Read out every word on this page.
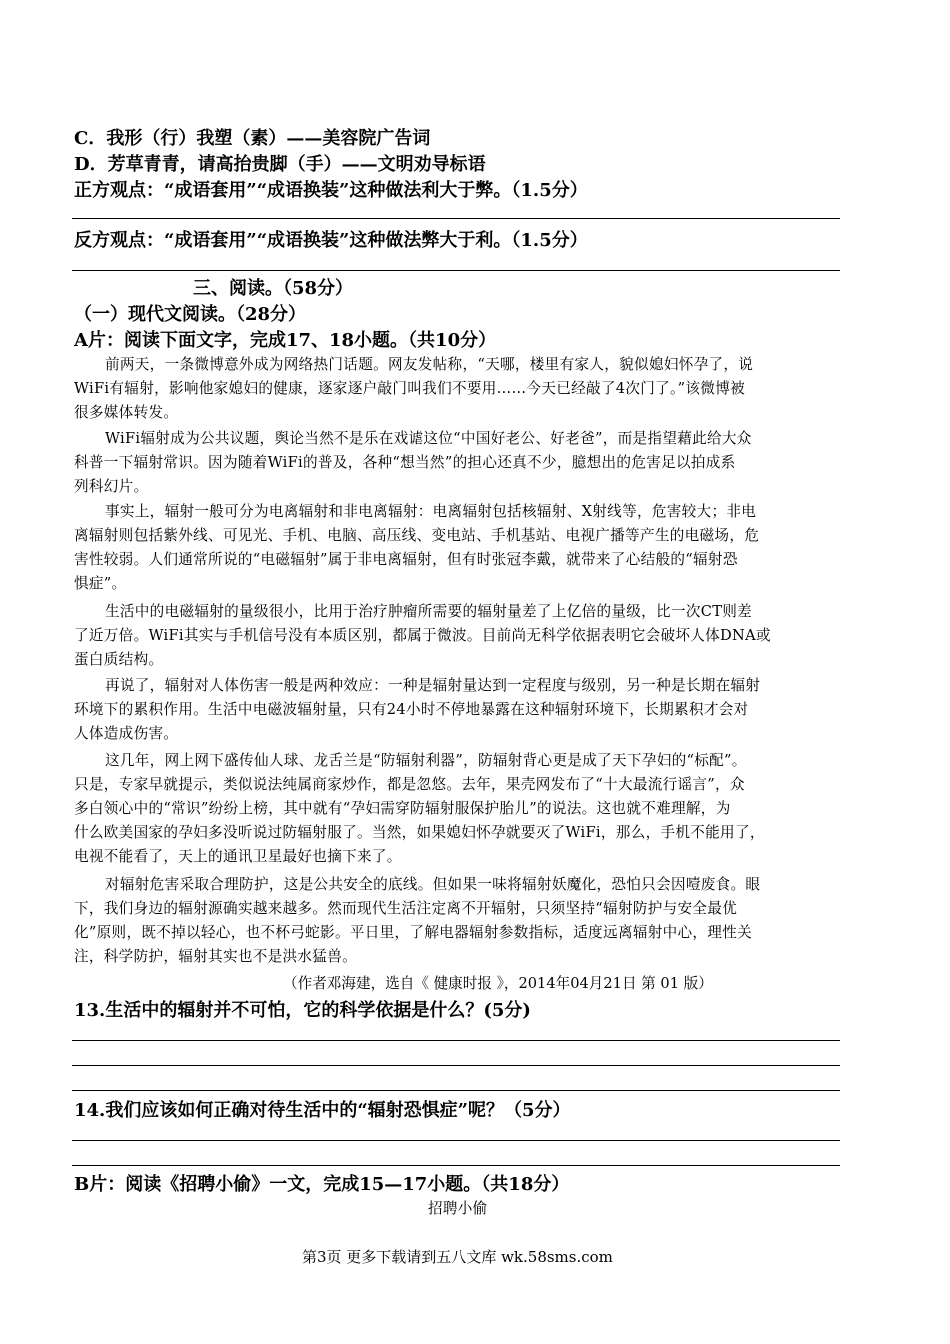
C．我形（行）我塑（素）——美容院广告词
D．芳草青青，请高抬贵脚（手）——文明劝导标语
正方观点：“成语套用”“成语换装”这种做法利大于弊。（1.5分）
反方观点：“成语套用”“成语换装”这种做法弊大于利。（1.5分）
三、阅读。（58分）
（一）现代文阅读。（28分）
A片：阅读下面文字，完成17、18小题。（共10分）
前两天，一条微博意外成为网络热门话题。网友发帖称，“天哪，楼里有家人，貌似媳妇怀孕了，说
WiFi有辐射，影响他家媳妇的健康，逐家逐户敲门叫我们不要用……今天已经敲了4次门了。”该微博被
很多媒体转发。
WiFi辐射成为公共议题，舆论当然不是乐在戏谑这位“中国好老公、好老爸”，而是指望藉此给大众
科普一下辐射常识。因为随着WiFi的普及，各种“想当然”的担心还真不少，臆想出的危害足以拍成系
列科幻片。
事实上，辐射一般可分为电离辐射和非电离辐射：电离辐射包括核辐射、X射线等，危害较大；非电
离辐射则包括紫外线、可见光、手机、电脑、高压线、变电站、手机基站、电视广播等产生的电磁场，危
害性较弱。人们通常所说的“电磁辐射”属于非电离辐射，但有时张冠李戴，就带来了心结般的“辐射恐
惧症”。
生活中的电磁辐射的量级很小，比用于治疗肿瘤所需要的辐射量差了上亿倍的量级，比一次CT则差
了近万倍。WiFi其实与手机信号没有本质区别，都属于微波。目前尚无科学依据表明它会破坏人体DNA或
蛋白质结构。
再说了，辐射对人体伤害一般是两种效应：一种是辐射量达到一定程度与级别，另一种是长期在辐射
环境下的累积作用。生活中电磁波辐射量，只有24小时不停地暴露在这种辐射环境下，长期累积才会对
人体造成伤害。
这几年，网上网下盛传仙人球、龙舌兰是“防辐射利器”，防辐射背心更是成了天下孕妇的“标配”。
只是，专家早就提示，类似说法纯属商家炒作，都是忽悠。去年，果壳网发布了“十大最流行谣言”，众
多白领心中的“常识”纷纷上榜，其中就有“孕妇需穿防辐射服保护胎儿”的说法。这也就不难理解，为
什么欧美国家的孕妇多没听说过防辐射服了。当然，如果媳妇怀孕就要灭了WiFi，那么，手机不能用了，
电视不能看了，天上的通讯卫星最好也摘下来了。
对辐射危害采取合理防护，这是公共安全的底线。但如果一味将辐射妖魔化，恐怕只会因噎废食。眼
下，我们身边的辐射源确实越来越多。然而现代生活注定离不开辐射，只须坚持“辐射防护与安全最优
化”原则，既不掉以轻心，也不杯弓蛇影。平日里，了解电器辐射参数指标，适度远离辐射中心，理性关
注，科学防护，辐射其实也不是洪水猛兽。
（作者邓海建，选自《 健康时报 》，2014年04月21日 第 01 版）
13.生活中的辐射并不可怕，它的科学依据是什么？(5分)
14.我们应该如何正确对待生活中的“辐射恐惧症”呢？（5分）
B片：阅读《招聘小偷》一文，完成15—17小题。（共18分）
招聘小偷
第3页 更多下载请到五八文库 wk.58sms.com
